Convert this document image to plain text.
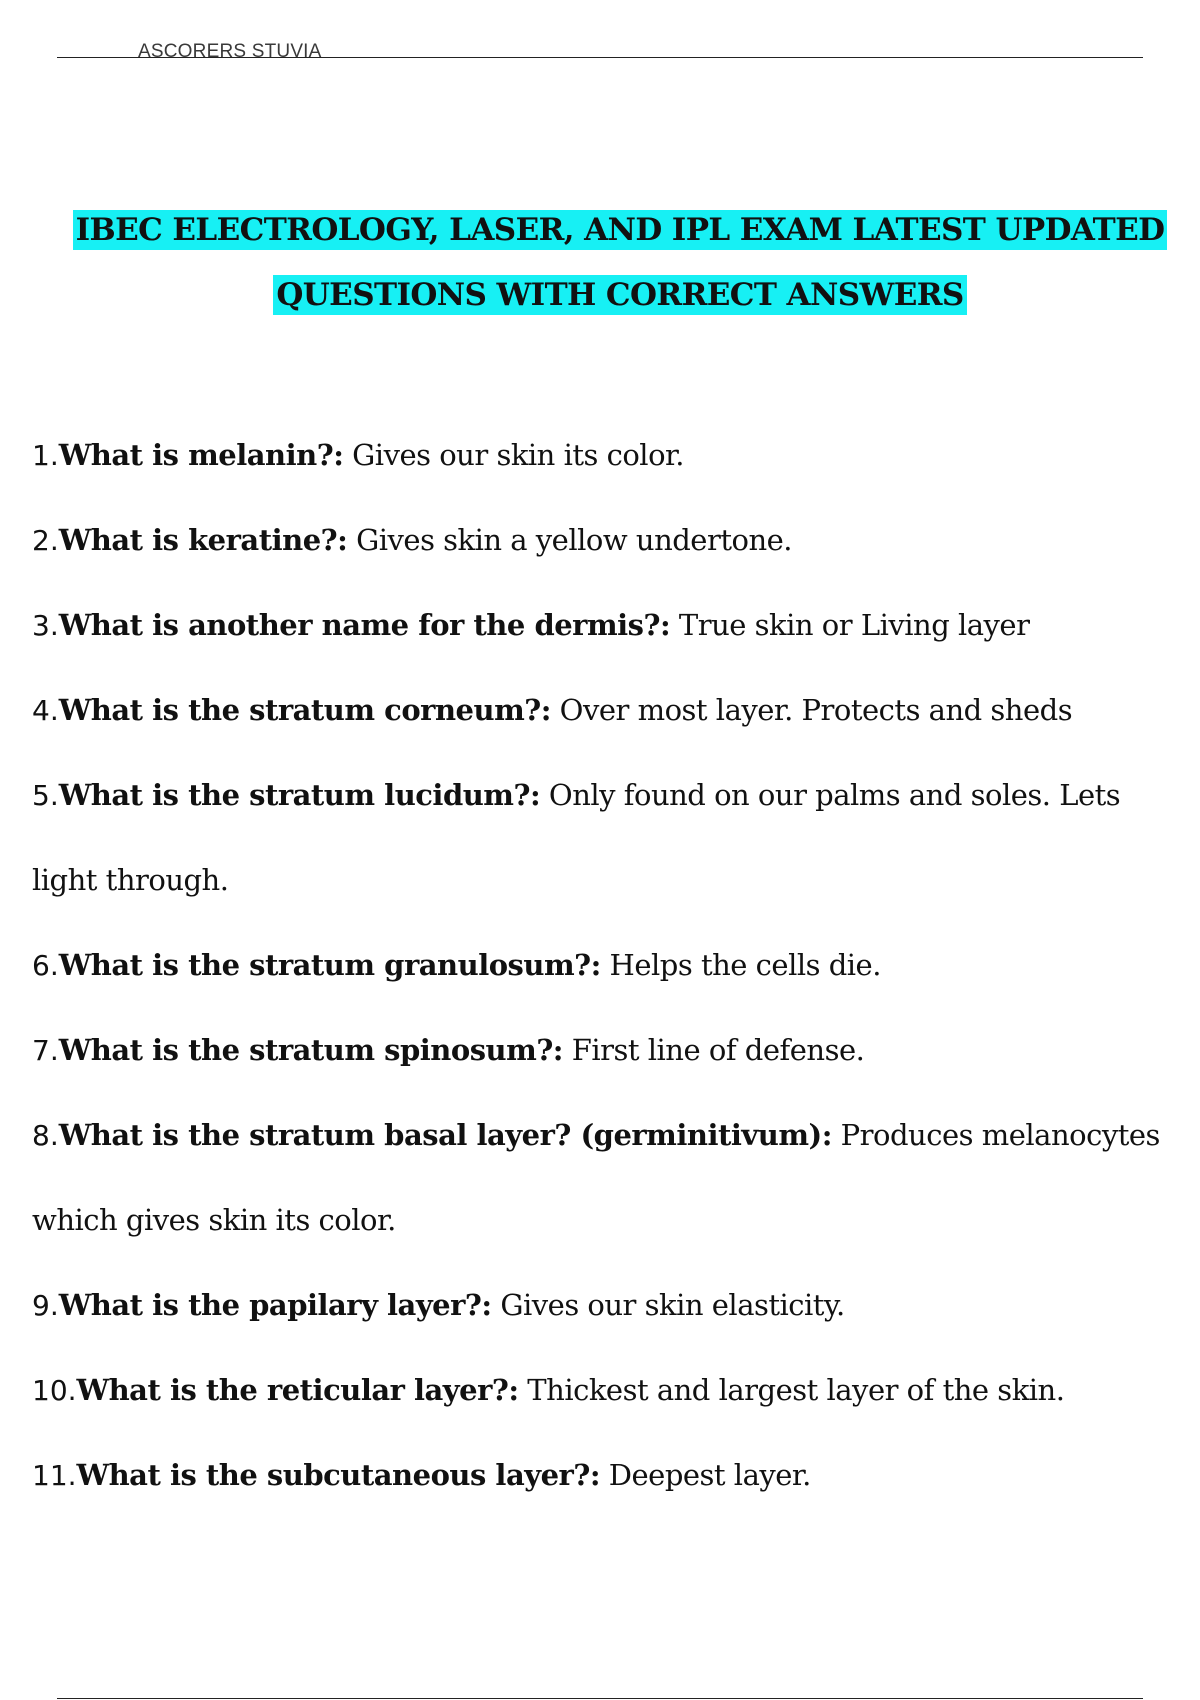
ASCORERS STUVIA
IBEC ELECTROLOGY, LASER, AND IPL EXAM LATEST UPDATED
QUESTIONS WITH CORRECT ANSWERS
1.What is melanin?: Gives our skin its color.
2.What is keratine?: Gives skin a yellow undertone.
3.What is another name for the dermis?: True skin or Living layer
4.What is the stratum corneum?: Over most layer. Protects and sheds
5.What is the stratum lucidum?: Only found on our palms and soles. Lets light through.
6.What is the stratum granulosum?: Helps the cells die.
7.What is the stratum spinosum?: First line of defense.
8.What is the stratum basal layer? (germinitivum): Produces melanocytes which gives skin its color.
9.What is the papilary layer?: Gives our skin elasticity.
10.What is the reticular layer?: Thickest and largest layer of the skin.
11.What is the subcutaneous layer?: Deepest layer.
